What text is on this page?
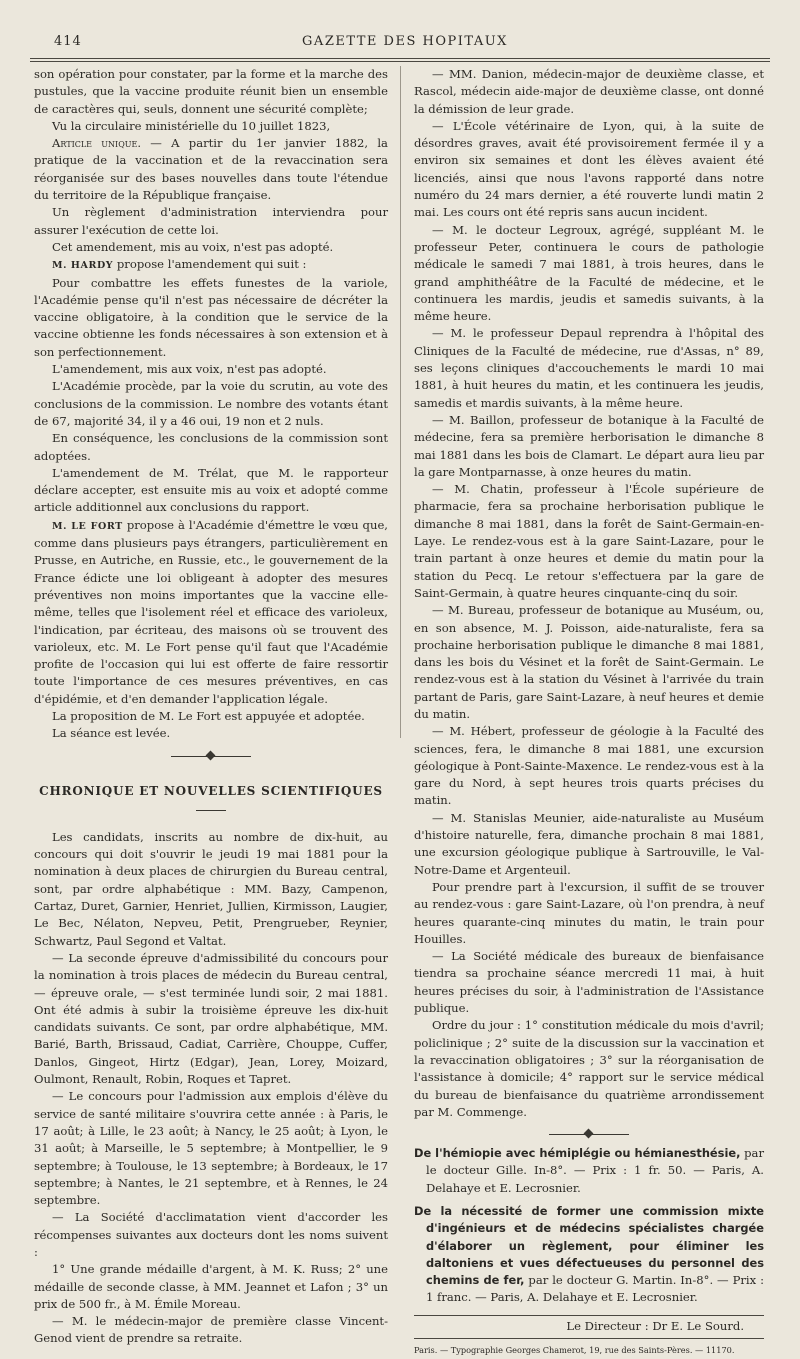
414	GAZETTE DES HOPITAUX

son opération pour constater, par la forme et la marche des pustules, que la vaccine produite réunit bien un ensemble de caractères qui, seuls, donnent une sécurité complète;

Vu la circulaire ministérielle du 10 juillet 1823,

Article unique. — A partir du 1er janvier 1882, la pratique de la vaccination et de la revaccination sera réorganisée sur des bases nouvelles dans toute l'étendue du territoire de la République française.

Un règlement d'administration interviendra pour assurer l'exécution de cette loi.

Cet amendement, mis au voix, n'est pas adopté.

M. HARDY propose l'amendement qui suit :

Pour combattre les effets funestes de la variole, l'Académie pense qu'il n'est pas nécessaire de décréter la vaccine obligatoire, à la condition que le service de la vaccine obtienne les fonds nécessaires à son extension et à son perfectionnement.

L'amendement, mis aux voix, n'est pas adopté.

L'Académie procède, par la voie du scrutin, au vote des conclusions de la commission. Le nombre des votants étant de 67, majorité 34, il y a 46 oui, 19 non et 2 nuls.

En conséquence, les conclusions de la commission sont adoptées.

L'amendement de M. Trélat, que M. le rapporteur déclare accepter, est ensuite mis au voix et adopté comme article additionnel aux conclusions du rapport.

M. LE FORT propose à l'Académie d'émettre le vœu que, comme dans plusieurs pays étrangers, particulièrement en Prusse, en Autriche, en Russie, etc., le gouvernement de la France édicte une loi obligeant à adopter des mesures préventives non moins importantes que la vaccine elle-même, telles que l'isolement réel et efficace des varioleux, l'indication, par écriteau, des maisons où se trouvent des varioleux, etc. M. Le Fort pense qu'il faut que l'Académie profite de l'occasion qui lui est offerte de faire ressortir toute l'importance de ces mesures préventives, en cas d'épidémie, et d'en demander l'application légale.

La proposition de M. Le Fort est appuyée et adoptée.

La séance est levée.

CHRONIQUE ET NOUVELLES SCIENTIFIQUES

Les candidats, inscrits au nombre de dix-huit, au concours qui doit s'ouvrir le jeudi 19 mai 1881 pour la nomination à deux places de chirurgien du Bureau central, sont, par ordre alphabétique : MM. Bazy, Campenon, Cartaz, Duret, Garnier, Henriet, Jullien, Kirmisson, Laugier, Le Bec, Nélaton, Nepveu, Petit, Prengrueber, Reynier, Schwartz, Paul Segond et Valtat.

— La seconde épreuve d'admissibilité du concours pour la nomination à trois places de médecin du Bureau central, — épreuve orale, — s'est terminée lundi soir, 2 mai 1881. Ont été admis à subir la troisième épreuve les dix-huit candidats suivants. Ce sont, par ordre alphabétique, MM. Barié, Barth, Brissaud, Cadiat, Carrière, Chouppe, Cuffer, Danlos, Gingeot, Hirtz (Edgar), Jean, Lorey, Moizard, Oulmont, Renault, Robin, Roques et Tapret.

— Le concours pour l'admission aux emplois d'élève du service de santé militaire s'ouvrira cette année : à Paris, le 17 août; à Lille, le 23 août; à Nancy, le 25 août; à Lyon, le 31 août; à Marseille, le 5 septembre; à Montpellier, le 9 septembre; à Toulouse, le 13 septembre; à Bordeaux, le 17 septembre; à Nantes, le 21 septembre, et à Rennes, le 24 septembre.

— La Société d'acclimatation vient d'accorder les récompenses suivantes aux docteurs dont les noms suivent :

1° Une grande médaille d'argent, à M. K. Russ; 2° une médaille de seconde classe, à MM. Jeannet et Lafon ; 3° un prix de 500 fr., à M. Émile Moreau.

— M. le médecin-major de première classe Vincent-Genod vient de prendre sa retraite.

— MM. Danion, médecin-major de deuxième classe, et Rascol, médecin aide-major de deuxième classe, ont donné la démission de leur grade.

— L'École vétérinaire de Lyon, qui, à la suite de désordres graves, avait été provisoirement fermée il y a environ six semaines et dont les élèves avaient été licenciés, ainsi que nous l'avons rapporté dans notre numéro du 24 mars dernier, a été rouverte lundi matin 2 mai. Les cours ont été repris sans aucun incident.

— M. le docteur Legroux, agrégé, suppléant M. le professeur Peter, continuera le cours de pathologie médicale le samedi 7 mai 1881, à trois heures, dans le grand amphithéâtre de la Faculté de médecine, et le continuera les mardis, jeudis et samedis suivants, à la même heure.

— M. le professeur Depaul reprendra à l'hôpital des Cliniques de la Faculté de médecine, rue d'Assas, n° 89, ses leçons cliniques d'accouchements le mardi 10 mai 1881, à huit heures du matin, et les continuera les jeudis, samedis et mardis suivants, à la même heure.

— M. Baillon, professeur de botanique à la Faculté de médecine, fera sa première herborisation le dimanche 8 mai 1881 dans les bois de Clamart. Le départ aura lieu par la gare Montparnasse, à onze heures du matin.

— M. Chatin, professeur à l'École supérieure de pharmacie, fera sa prochaine herborisation publique le dimanche 8 mai 1881, dans la forêt de Saint-Germain-en-Laye. Le rendez-vous est à la gare Saint-Lazare, pour le train partant à onze heures et demie du matin pour la station du Pecq. Le retour s'effectuera par la gare de Saint-Germain, à quatre heures cinquante-cinq du soir.

— M. Bureau, professeur de botanique au Muséum, ou, en son absence, M. J. Poisson, aide-naturaliste, fera sa prochaine herborisation publique le dimanche 8 mai 1881, dans les bois du Vésinet et la forêt de Saint-Germain. Le rendez-vous est à la station du Vésinet à l'arrivée du train partant de Paris, gare Saint-Lazare, à neuf heures et demie du matin.

— M. Hébert, professeur de géologie à la Faculté des sciences, fera, le dimanche 8 mai 1881, une excursion géologique à Pont-Sainte-Maxence. Le rendez-vous est à la gare du Nord, à sept heures trois quarts précises du matin.

— M. Stanislas Meunier, aide-naturaliste au Muséum d'histoire naturelle, fera, dimanche prochain 8 mai 1881, une excursion géologique publique à Sartrouville, le Val-Notre-Dame et Argenteuil.

Pour prendre part à l'excursion, il suffit de se trouver au rendez-vous : gare Saint-Lazare, où l'on prendra, à neuf heures quarante-cinq minutes du matin, le train pour Houilles.

— La Société médicale des bureaux de bienfaisance tiendra sa prochaine séance mercredi 11 mai, à huit heures précises du soir, à l'administration de l'Assistance publique.

Ordre du jour : 1° constitution médicale du mois d'avril; policlinique ; 2° suite de la discussion sur la vaccination et la revaccination obligatoires ; 3° sur la réorganisation de l'assistance à domicile; 4° rapport sur le service médical du bureau de bienfaisance du quatrième arrondissement par M. Commenge.

De l'hémiopie avec hémiplégie ou hémianesthésie, par le docteur Gille. In-8°. — Prix : 1 fr. 50. — Paris, A. Delahaye et E. Lecrosnier.

De la nécessité de former une commission mixte d'ingénieurs et de médecins spécialistes chargée d'élaborer un règlement, pour éliminer les daltoniens et vues défectueuses du personnel des chemins de fer, par le docteur G. Martin. In-8°. — Prix : 1 franc. — Paris, A. Delahaye et E. Lecrosnier.

Le Directeur : Dr E. Le Sourd.
Paris. — Typographie Georges Chamerot, 19, rue des Saints-Pères. — 11170.
